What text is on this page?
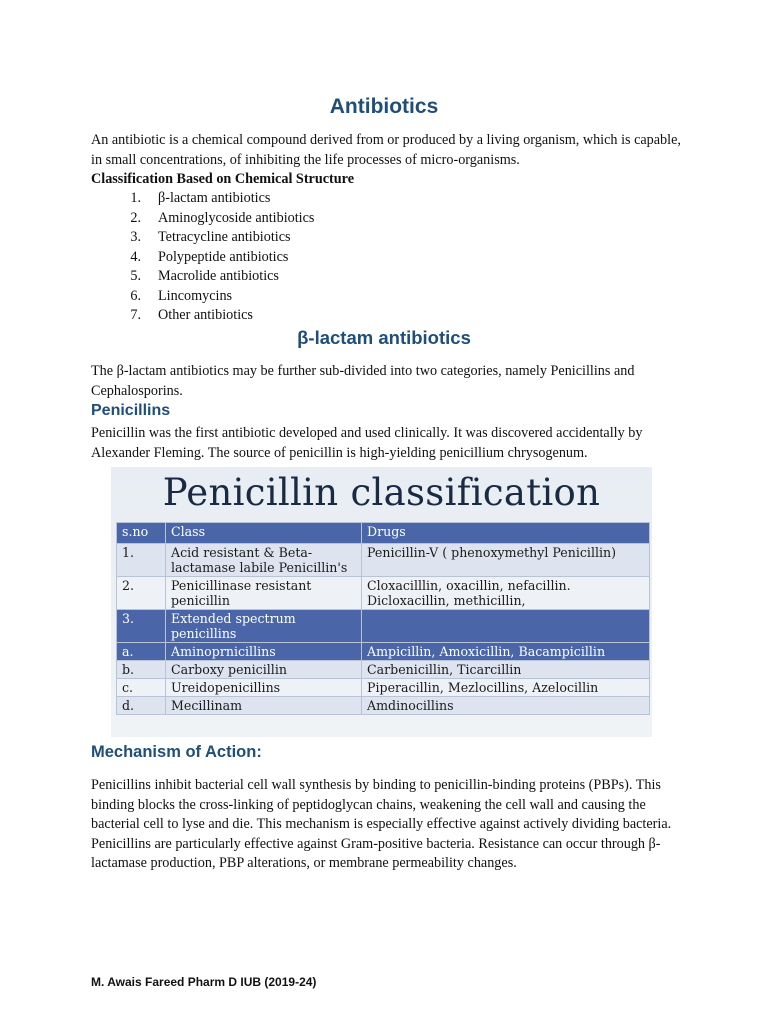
Antibiotics

An antibiotic is a chemical compound derived from or produced by a living organism, which is capable, in small concentrations, of inhibiting the life processes of micro-organisms.

Classification Based on Chemical Structure

1. β-lactam antibiotics
2. Aminoglycoside antibiotics
3. Tetracycline antibiotics
4. Polypeptide antibiotics
5. Macrolide antibiotics
6. Lincomycins
7. Other antibiotics
β-lactam antibiotics

The β-lactam antibiotics may be further sub-divided into two categories, namely Penicillins and Cephalosporins.

Penicillins

Penicillin was the first antibiotic developed and used clinically. It was discovered accidentally by Alexander Fleming. The source of penicillin is high-yielding penicillium chrysogenum.

Penicillin classification
s.no	Class	Drugs
1.	Acid resistant & Beta-lactamase labile Penicillin's	Penicillin-V ( phenoxymethyl Penicillin)
2.	Penicillinase resistant penicillin	Cloxacilllin, oxacillin, nefacillin. Dicloxacillin, methicillin,
3.	Extended spectrum penicillins	
a.	Aminoprnicillins	Ampicillin, Amoxicillin, Bacampicillin
b.	Carboxy penicillin	Carbenicillin, Ticarcillin
c.	Ureidopenicillins	Piperacillin, Mezlocillins, Azelocillin
d.	Mecillinam	Amdinocillins
Mechanism of Action:

Penicillins inhibit bacterial cell wall synthesis by binding to penicillin-binding proteins (PBPs). This binding blocks the cross-linking of peptidoglycan chains, weakening the cell wall and causing the bacterial cell to lyse and die. This mechanism is especially effective against actively dividing bacteria. Penicillins are particularly effective against Gram-positive bacteria. Resistance can occur through β-lactamase production, PBP alterations, or membrane permeability changes.

M. Awais Fareed Pharm D IUB (2019-24)
